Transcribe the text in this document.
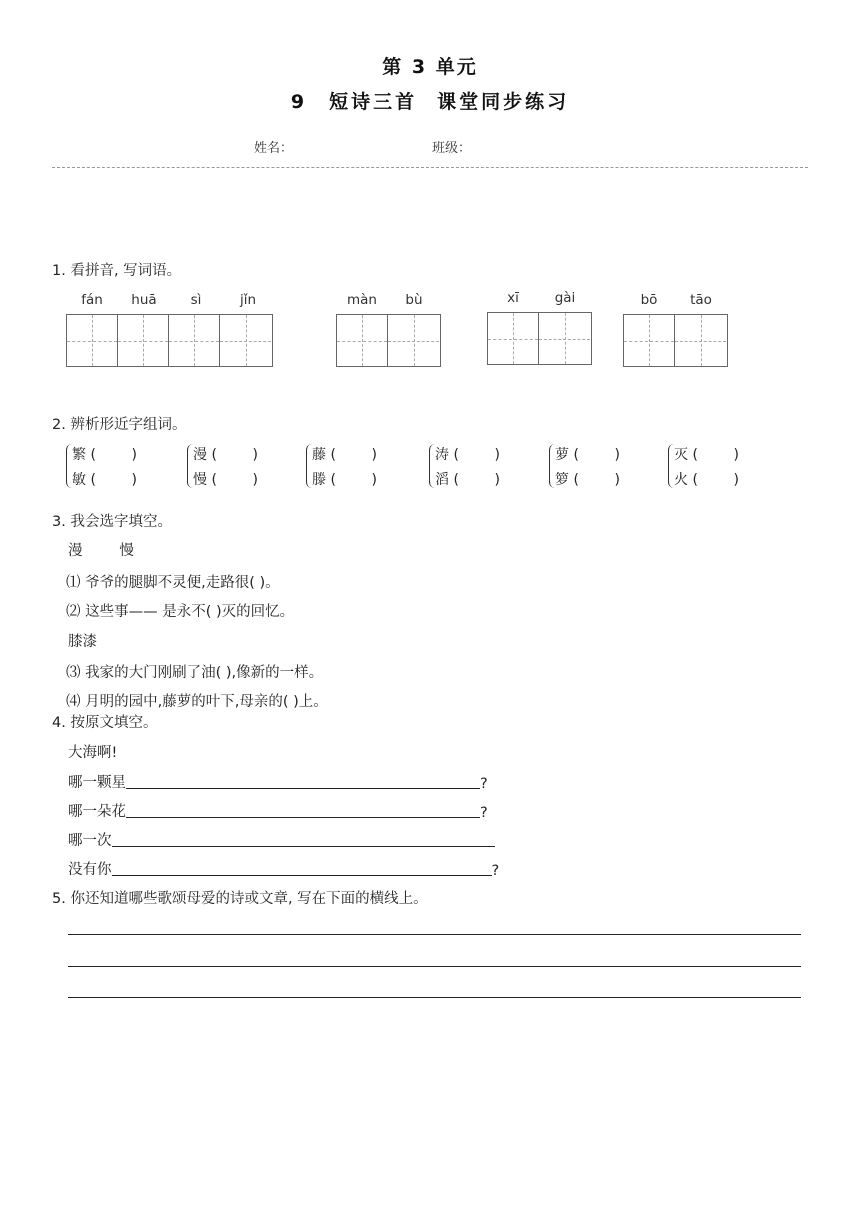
第 3 单元
9 短诗三首 课堂同步练习
姓名：	班级：
1. 看拼音, 写词语。
fán	huā	sì	jǐn	màn	bù	xī	gài	bō	tāo
2. 辨析形近字组词。
繁 (        )
敏 (        )
漫 (        )
慢 (        )
藤 (        )
滕 (        )
涛 (        )
滔 (        )
萝 (        )
箩 (        )
灭 (        )
火 (        )
3. 我会选字填空。
漫        慢
⑴ 爷爷的腿脚不灵便,走路很( )。
⑵ 这些事—— 是永不( )灭的回忆。
膝漆
⑶ 我家的大门刚刷了油( ),像新的一样。
⑷ 月明的园中,藤萝的叶下,母亲的( )上。
4. 按原文填空。
大海啊!
哪一颗星	?
哪一朵花	?
哪一次
没有你	?
5. 你还知道哪些歌颂母爱的诗或文章, 写在下面的横线上。
